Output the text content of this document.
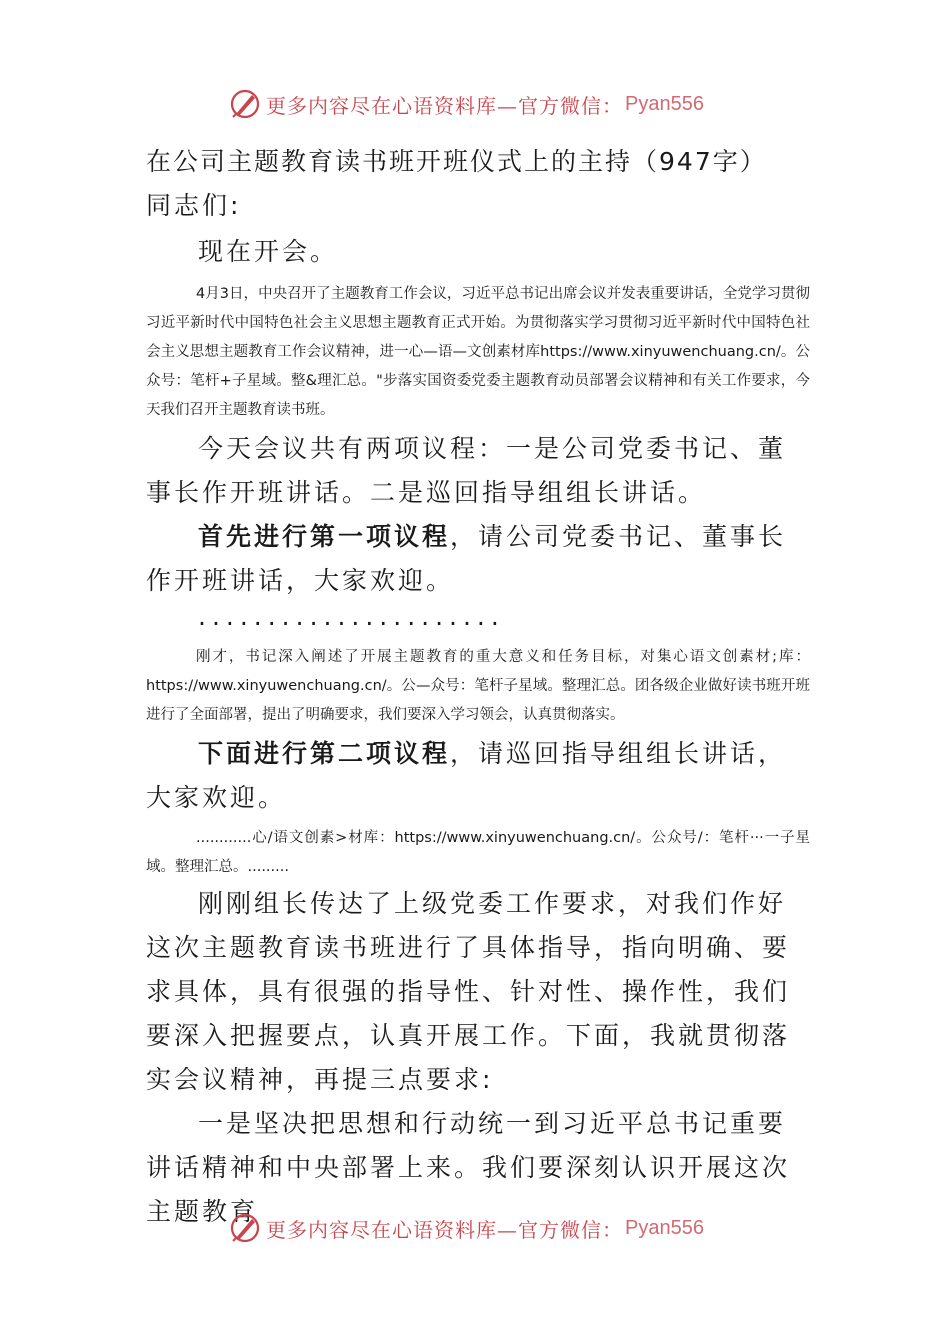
更多内容尽在心语资料库—官方微信： Pyan556

在公司主题教育读书班开班仪式上的主持（947字）

同志们:

现在开会。

4月3日，中央召开了主题教育工作会议，习近平总书记出席会议并发表重要讲话，全党学习贯彻习近平新时代中国特色社会主义思想主题教育正式开始。为贯彻落实学习贯彻习近平新时代中国特色社会主义思想主题教育工作会议精神，进一心—语—文创素材库https://www.xinyuwenchuang.cn/。公众号：笔杆+子星域。整&理汇总。"步落实国资委党委主题教育动员部署会议精神和有关工作要求，今天我们召开主题教育读书班。

今天会议共有两项议程：一是公司党委书记、董事长作开班讲话。二是巡回指导组组长讲话。

首先进行第一项议程，请公司党委书记、董事长作开班讲话，大家欢迎。

······················

刚才，书记深入阐述了开展主题教育的重大意义和任务目标，对集心语文创素材;库：https://www.xinyuwenchuang.cn/。公—众号：笔杆子星域。整理汇总。团各级企业做好读书班开班进行了全面部署，提出了明确要求，我们要深入学习领会，认真贯彻落实。

下面进行第二项议程，请巡回指导组组长讲话，大家欢迎。

............心/语文创素>材库：https://www.xinyuwenchuang.cn/。公众号/：笔杆···一子星域。整理汇总。.........

刚刚组长传达了上级党委工作要求，对我们作好这次主题教育读书班进行了具体指导，指向明确、要求具体，具有很强的指导性、针对性、操作性，我们要深入把握要点，认真开展工作。下面，我就贯彻落实会议精神，再提三点要求:

一是坚决把思想和行动统一到习近平总书记重要讲话精神和中央部署上来。我们要深刻认识开展这次主题教育

更多内容尽在心语资料库—官方微信： Pyan556
